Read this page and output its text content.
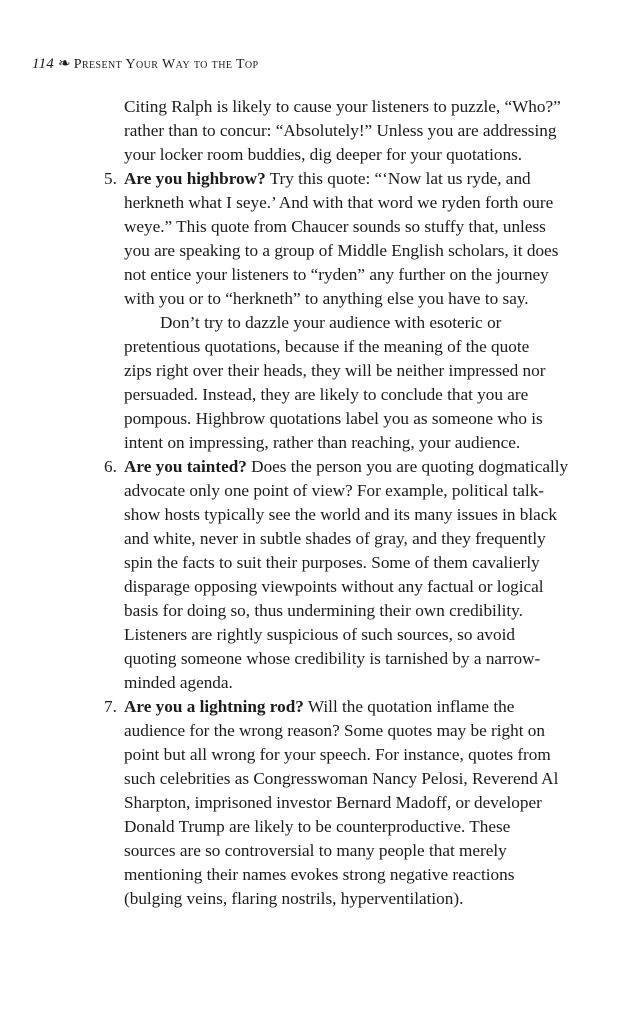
114 ❧ Present Your Way to the Top
Citing Ralph is likely to cause your listeners to puzzle, “Who?”
rather than to concur: “Absolutely!” Unless you are addressing
your locker room buddies, dig deeper for your quotations.
5. Are you highbrow? Try this quote: “‘Now lat us ryde, and
herkneth what I seye.’ And with that word we ryden forth oure
weye.” This quote from Chaucer sounds so stuffy that, unless
you are speaking to a group of Middle English scholars, it does
not entice your listeners to “ryden” any further on the journey
with you or to “herkneth” to anything else you have to say.
Don’t try to dazzle your audience with esoteric or
pretentious quotations, because if the meaning of the quote
zips right over their heads, they will be neither impressed nor
persuaded. Instead, they are likely to conclude that you are
pompous. Highbrow quotations label you as someone who is
intent on impressing, rather than reaching, your audience.
6. Are you tainted? Does the person you are quoting dogmatically
advocate only one point of view? For example, political talk-
show hosts typically see the world and its many issues in black
and white, never in subtle shades of gray, and they frequently
spin the facts to suit their purposes. Some of them cavalierly
disparage opposing viewpoints without any factual or logical
basis for doing so, thus undermining their own credibility.
Listeners are rightly suspicious of such sources, so avoid
quoting someone whose credibility is tarnished by a narrow-
minded agenda.
7. Are you a lightning rod? Will the quotation inflame the
audience for the wrong reason? Some quotes may be right on
point but all wrong for your speech. For instance, quotes from
such celebrities as Congresswoman Nancy Pelosi, Reverend Al
Sharpton, imprisoned investor Bernard Madoff, or developer
Donald Trump are likely to be counterproductive. These
sources are so controversial to many people that merely
mentioning their names evokes strong negative reactions
(bulging veins, flaring nostrils, hyperventilation).
